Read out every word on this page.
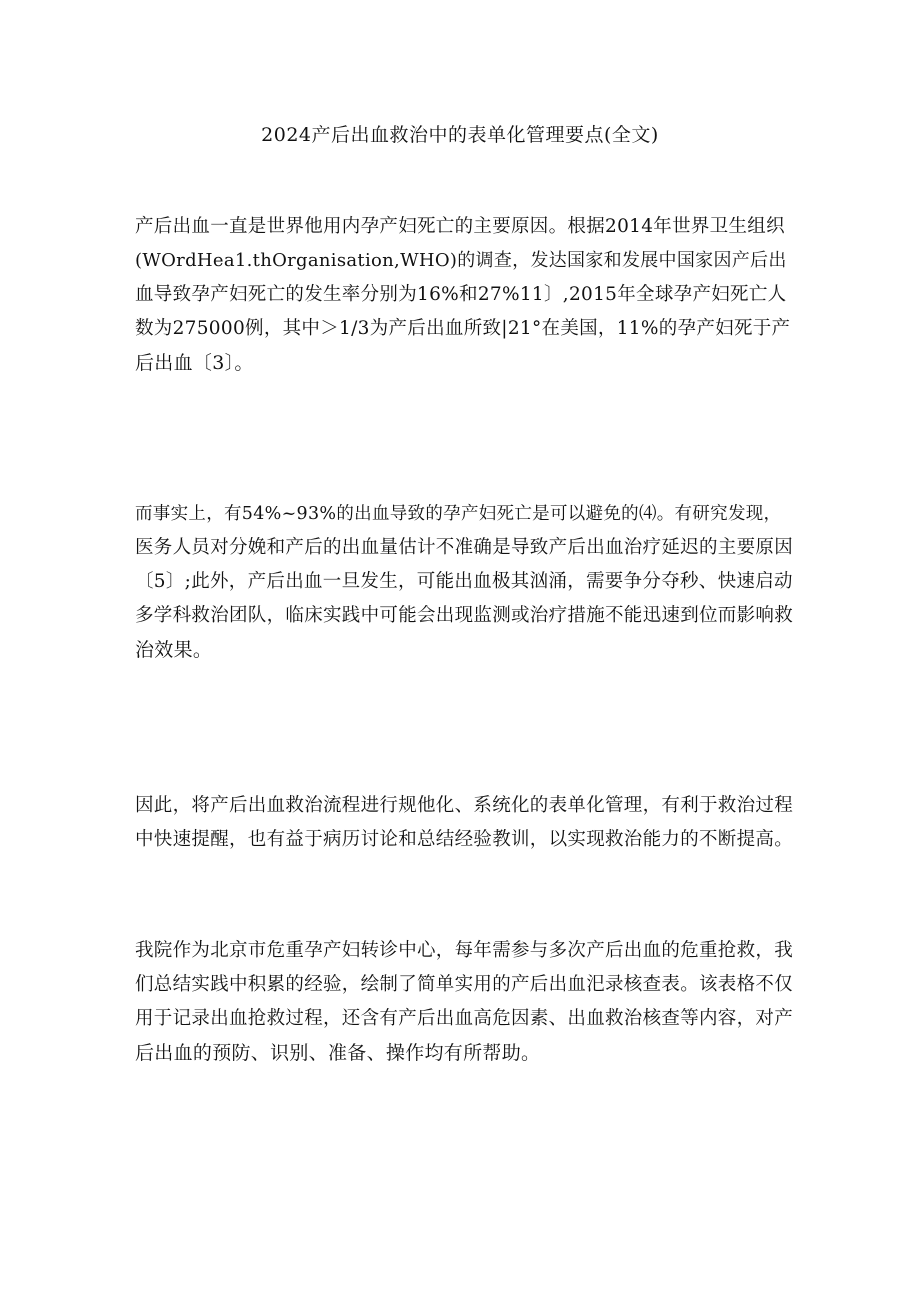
2024产后出血救治中的表单化管理要点(全文)
产后出血一直是世界他用内孕产妇死亡的主要原因。根据2014年世界卫生组织
(WOrdHea1.thOrganisation,WHO)的调查，发达国家和发展中国家因产后出
血导致孕产妇死亡的发生率分别为16%和27%11〕,2015年全球孕产妇死亡人
数为275000例，其中＞1/3为产后出血所致|21°在美国，11%的孕产妇死于产
后出血〔3〕。
而事实上，有54%~93%的出血导致的孕产妇死亡是可以避免的⑷。有研究发现，
医务人员对分娩和产后的出血量估计不准确是导致产后出血治疗延迟的主要原因
〔5〕;此外，产后出血一旦发生，可能出血极其汹涌，需要争分夺秒、快速启动
多学科救治团队，临床实践中可能会出现监测或治疗措施不能迅速到位而影响救
治效果。
因此，将产后出血救治流程进行规他化、系统化的表单化管理，有利于救治过程
中快速提醒，也有益于病历讨论和总结经验教训，以实现救治能力的不断提高。
我院作为北京市危重孕产妇转诊中心，每年需参与多次产后出血的危重抢救，我
们总结实践中积累的经验，绘制了简单实用的产后出血汜录核查表。该表格不仅
用于记录出血抢救过程，还含有产后出血高危因素、出血救治核查等内容，对产
后出血的预防、识别、准备、操作均有所帮助。
